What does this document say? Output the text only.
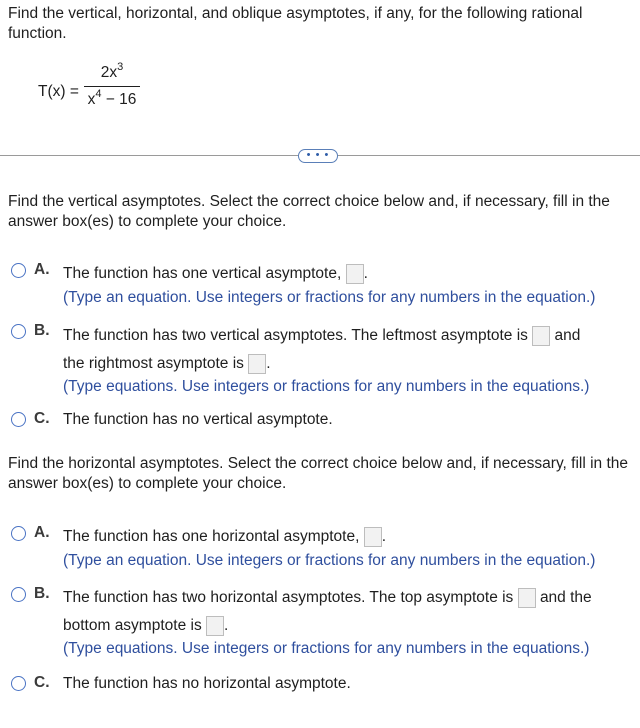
Find the vertical, horizontal, and oblique asymptotes, if any, for the following rational function.
T(x) =
$2x^3$
$x^4 - 16$
• • •
Find the vertical asymptotes. Select the correct choice below and, if necessary, fill in the answer box(es) to complete your choice.
A. The function has one vertical asymptote, .
(Type an equation. Use integers or fractions for any numbers in the equation.)
B. The function has two vertical asymptotes. The leftmost asymptote is and
the rightmost asymptote is .
(Type equations. Use integers or fractions for any numbers in the equations.)
C. The function has no vertical asymptote.
Find the horizontal asymptotes. Select the correct choice below and, if necessary, fill in the answer box(es) to complete your choice.
A. The function has one horizontal asymptote, .
(Type an equation. Use integers or fractions for any numbers in the equation.)
B. The function has two horizontal asymptotes. The top asymptote is and the
bottom asymptote is .
(Type equations. Use integers or fractions for any numbers in the equations.)
C. The function has no horizontal asymptote.
